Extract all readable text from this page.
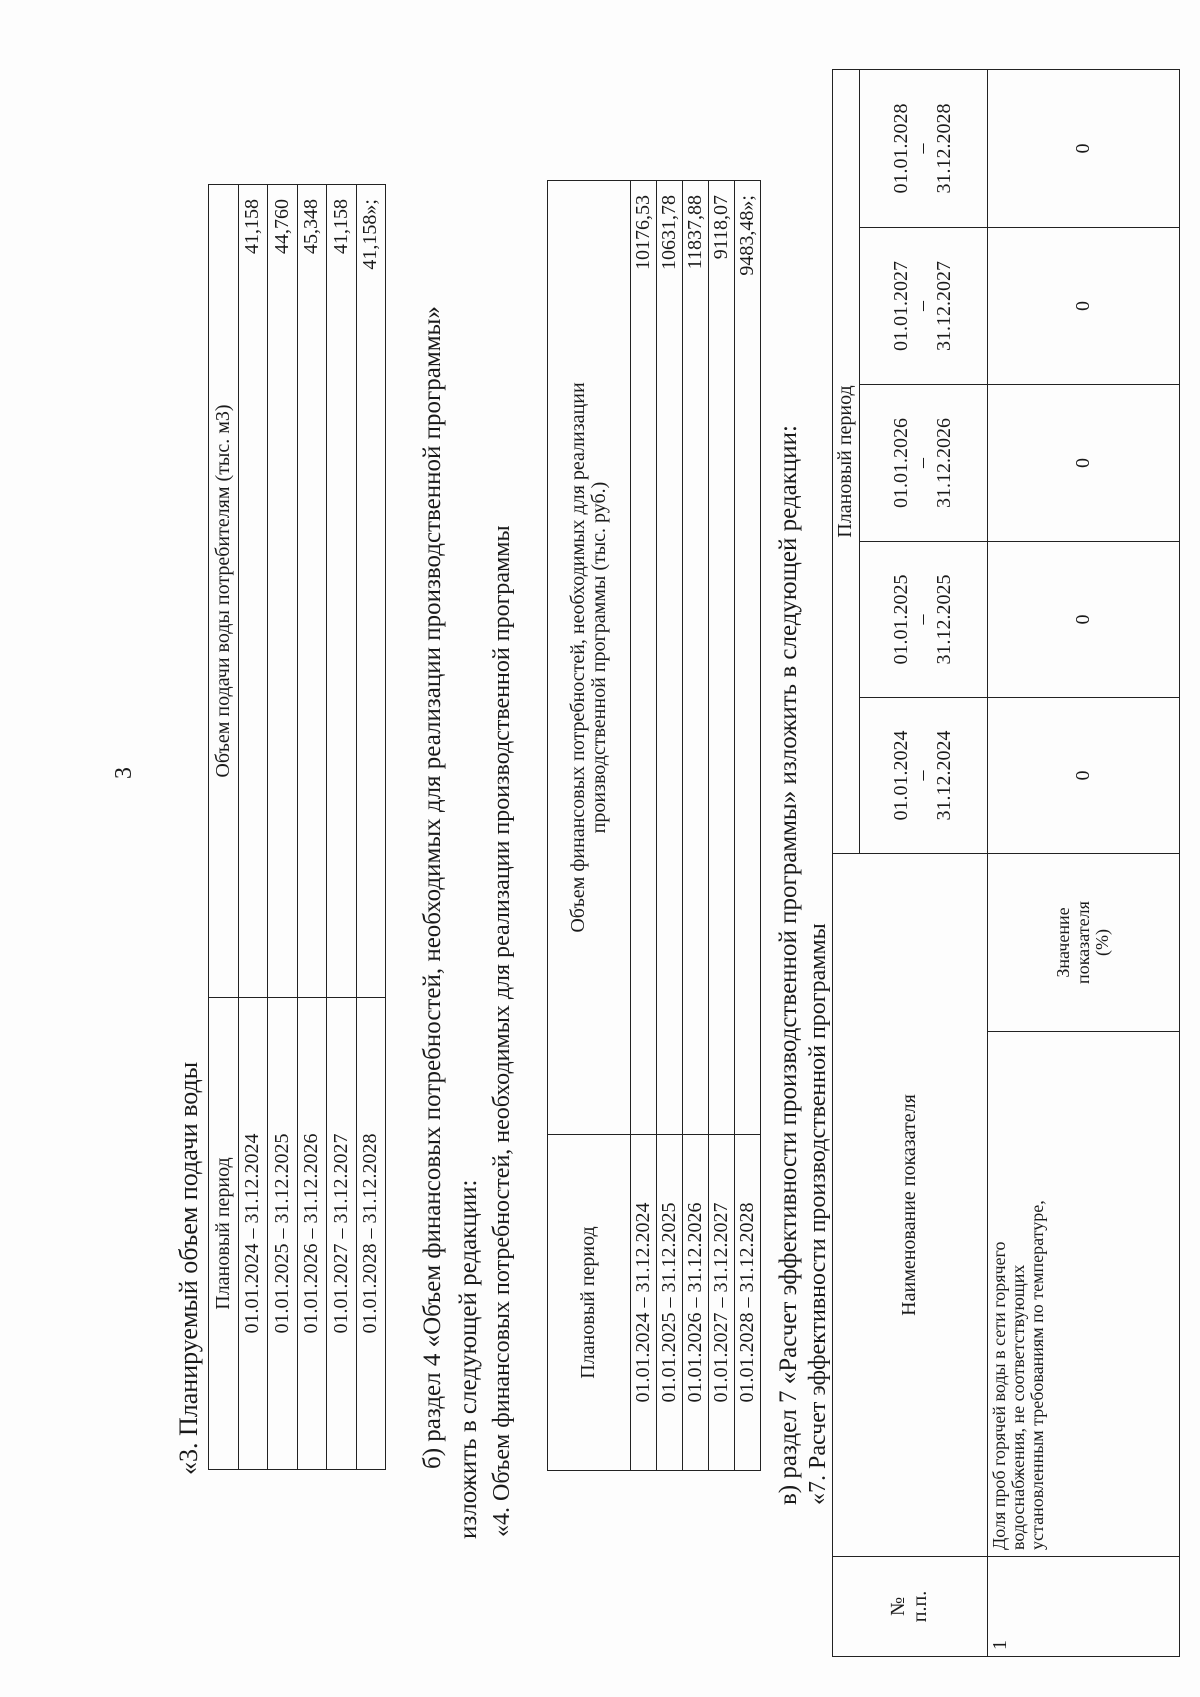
3
«3. Планируемый объем подачи воды Плановый период	Объем подачи воды потребителям (тыс. м3)
01.01.2024 – 31.12.2024	41,158
01.01.2025 – 31.12.2025	44,760
01.01.2026 – 31.12.2026	45,348
01.01.2027 – 31.12.2027	41,158
01.01.2028 – 31.12.2028	41,158»;
б) раздел 4 «Объем финансовых потребностей, необходимых для реализации производственной программы» изложить в следующей редакции: «4. Объем финансовых потребностей, необходимых для реализации производственной программы	Плановый период	Объем финансовых потребностей, необходимых для реализации производственной программы (тыс. руб.)

01.01.2024 – 31.12.2024	10176,53
01.01.2025 – 31.12.2025	10631,78
01.01.2026 – 31.12.2026	11837,88
01.01.2027 – 31.12.2027	9118,07
01.01.2028 – 31.12.2028	9483,48»;
в) раздел 7 «Расчет эффективности производственной программы» изложить в следующей редакции: «7. Расчет эффективности производственной программы
№ п.п.	Наименование показателя		Плановый период				

			01.01.2024 – 31.12.2024	01.01.2025 – 31.12.2025	01.01.2026 – 31.12.2026	01.01.2027 – 31.12.2027	01.01.2028 – 31.12.2028

1	Доля проб горячей воды в сети горячего водоснабжения, не соответствующих установленным требованиям по температуре,	Значение показателя (%)	0	0	0	0	0
